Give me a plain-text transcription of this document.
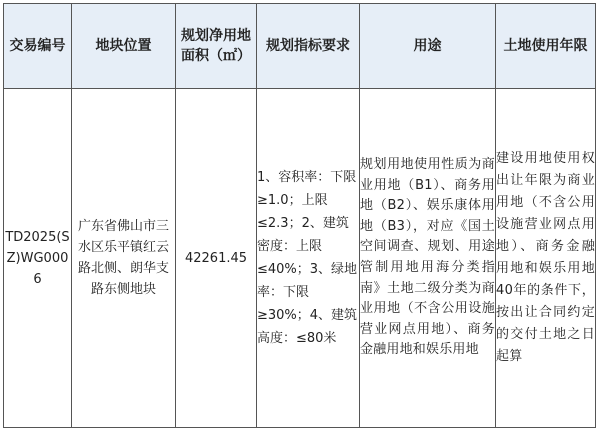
交易编号	地块位置	规划净用地面积（㎡）	规划指标要求	用途	土地使用年限

TD2025(SZ)WG0006	广东省佛山市三水区乐平镇红云路北侧、朗华支路东侧地块	42261.45	1、容积率：下限≥1.0；上限≤2.3；2、建筑密度：上限≤40%；3、绿地率：下限≥30%；4、建筑高度：≤80米	规划用地使用性质为商业用地（B1）、商务用地（B2）、娱乐康体用地（B3），对应《国土空间调查、规划、用途管制用地用海分类指南》土地二级分类为商业用地（不含公用设施营业网点用地）、商务金融用地和娱乐用地	建设用地使用权出让年限为商业用地（不含公用设施营业网点用地）、商务金融用地和娱乐用地40年的条件下，按出让合同约定的交付土地之日起算
